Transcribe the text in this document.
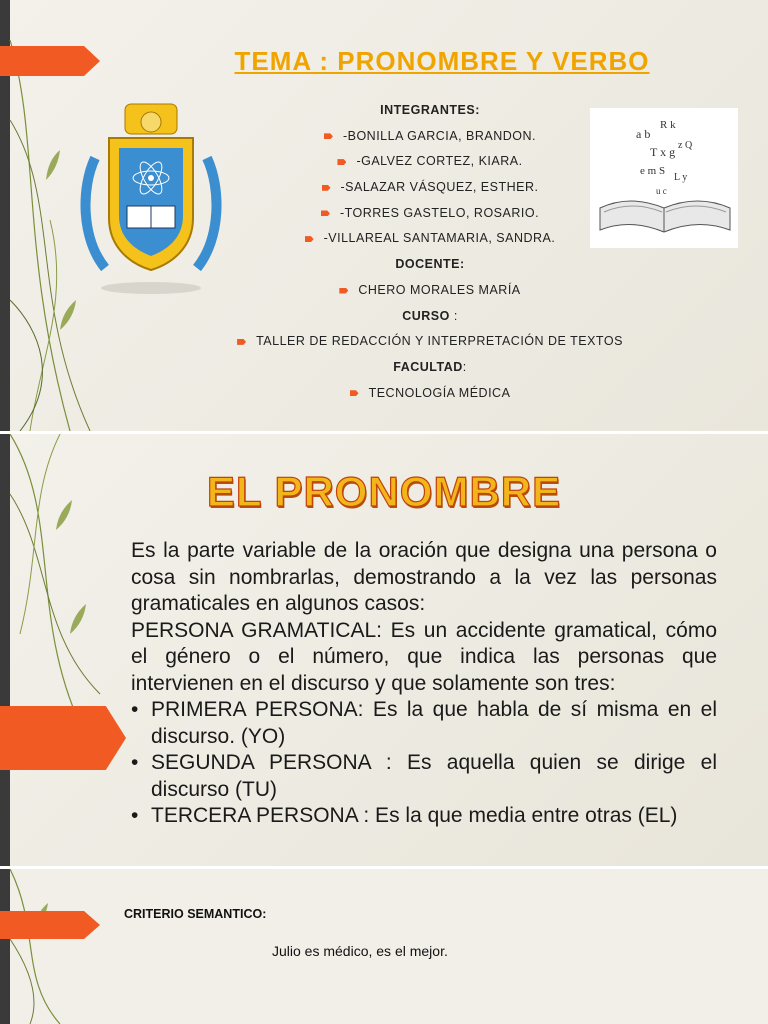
TEMA : PRONOMBRE Y VERBO
a b
R k
T x g z Q
e m S
L y
u c
INTEGRANTES:
-BONILLA GARCIA, BRANDON.
-GALVEZ CORTEZ, KIARA.
-SALAZAR VÁSQUEZ, ESTHER.
-TORRES GASTELO, ROSARIO.
-VILLAREAL SANTAMARIA, SANDRA.
DOCENTE:
CHERO MORALES MARÍA
CURSO :
TALLER DE REDACCIÓN Y INTERPRETACIÓN DE TEXTOS
FACULTAD:
TECNOLOGÍA MÉDICA
EL PRONOMBRE

Es la parte variable de la oración que designa una persona o cosa sin nombrarlas, demostrando a la vez las personas gramaticales en algunos casos:

PERSONA GRAMATICAL: Es un accidente gramatical, cómo el género o el número, que indica las personas que intervienen en el discurso y que solamente son tres:

• PRIMERA PERSONA: Es la que habla de sí misma en el discurso. (YO)
• SEGUNDA PERSONA : Es aquella quien se dirige el discurso (TU)
• TERCERA PERSONA : Es la que media entre otras (EL)
CRITERIO SEMANTICO:
Julio es médico, es el mejor.
